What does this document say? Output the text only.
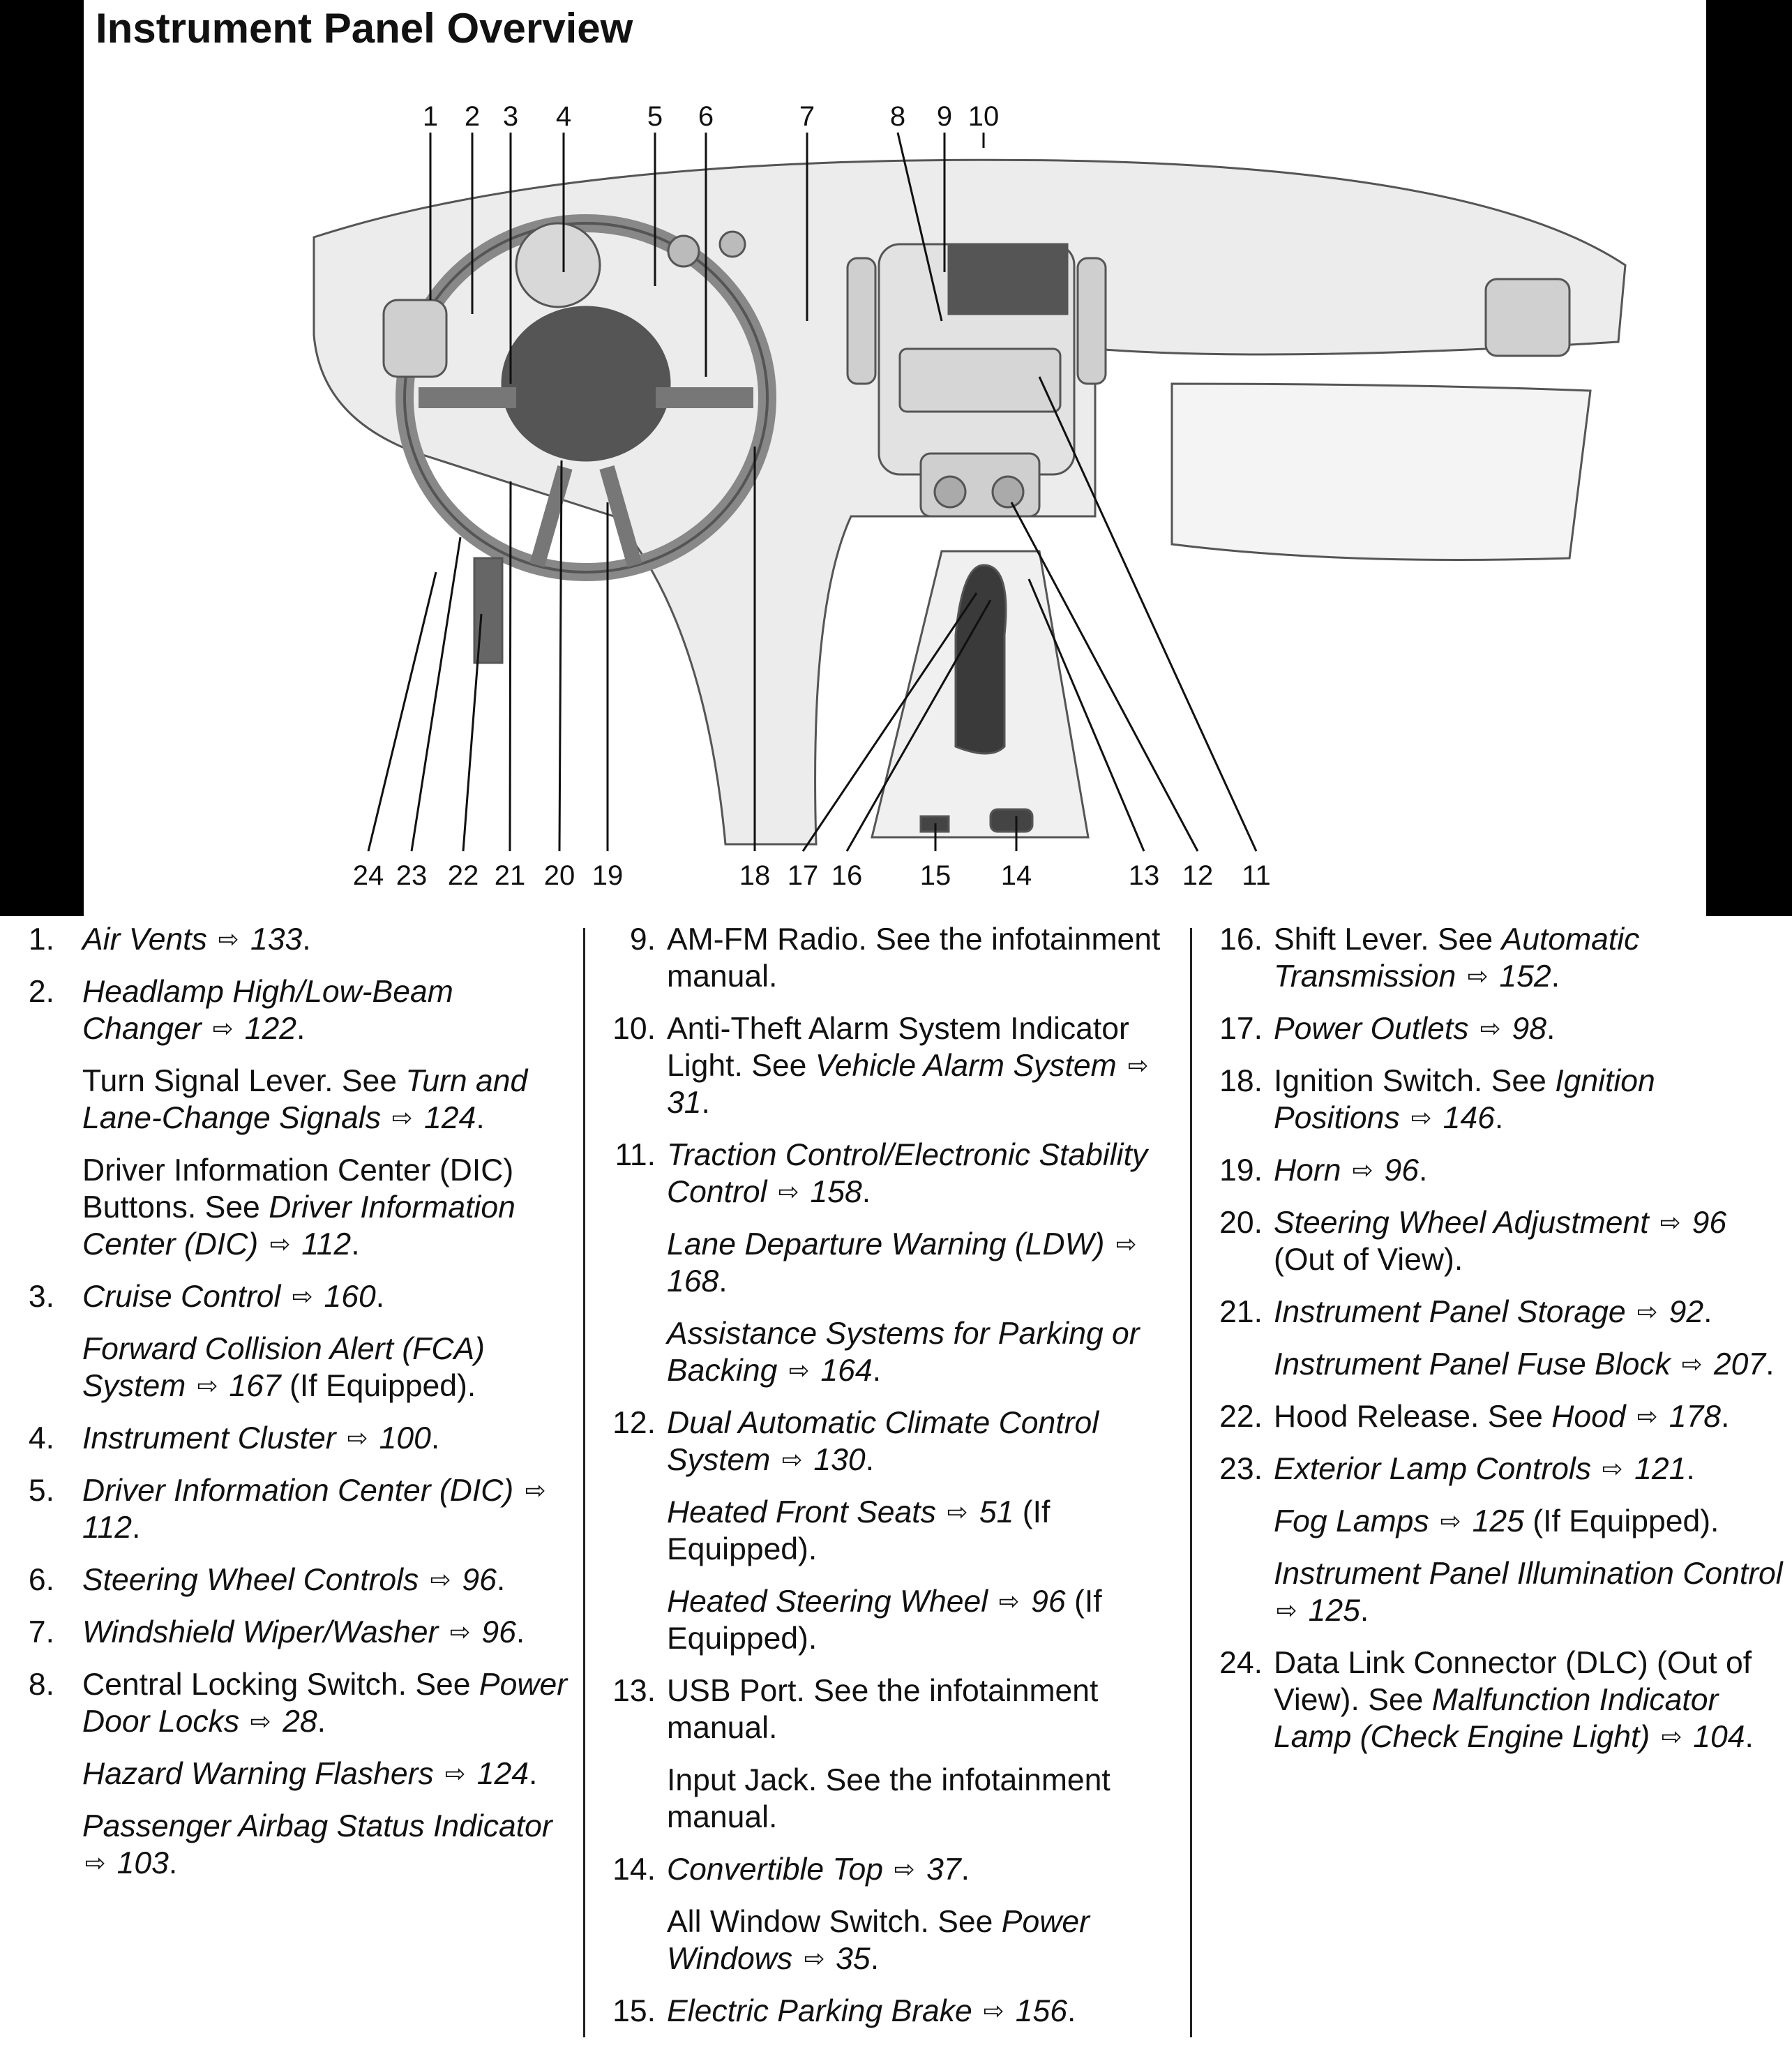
Instrument Panel Overview
1 2 3 4	5 6	7	8 9 10
24 23 22 21 20 19	18 17 16 15 14	13 12 11
1. Air Vents ⇨ 133.
2. Headlamp High/Low-Beam Changer ⇨ 122.
Turn Signal Lever. See Turn and Lane-Change Signals ⇨ 124.
Driver Information Center (DIC) Buttons. See Driver Information Center (DIC) ⇨ 112.
3. Cruise Control ⇨ 160.
Forward Collision Alert (FCA) System ⇨ 167 (If Equipped).
4. Instrument Cluster ⇨ 100.
5. Driver Information Center (DIC) ⇨ 112.
6. Steering Wheel Controls ⇨ 96.
7. Windshield Wiper/Washer ⇨ 96.
8. Central Locking Switch. See Power Door Locks ⇨ 28.
Hazard Warning Flashers ⇨ 124.
Passenger Airbag Status Indicator ⇨ 103.
9. AM-FM Radio. See the infotainment manual.
10. Anti-Theft Alarm System Indicator Light. See Vehicle Alarm System ⇨ 31.
11. Traction Control/Electronic Stability Control ⇨ 158.
Lane Departure Warning (LDW) ⇨ 168.
Assistance Systems for Parking or Backing ⇨ 164.
12. Dual Automatic Climate Control System ⇨ 130.
Heated Front Seats ⇨ 51 (If Equipped).
Heated Steering Wheel ⇨ 96 (If Equipped).
13. USB Port. See the infotainment manual.
Input Jack. See the infotainment manual.
14. Convertible Top ⇨ 37.
All Window Switch. See Power Windows ⇨ 35.
15. Electric Parking Brake ⇨ 156.
16. Shift Lever. See Automatic Transmission ⇨ 152.
17. Power Outlets ⇨ 98.
18. Ignition Switch. See Ignition Positions ⇨ 146.
19. Horn ⇨ 96.
20. Steering Wheel Adjustment ⇨ 96 (Out of View).
21. Instrument Panel Storage ⇨ 92.
Instrument Panel Fuse Block ⇨ 207.
22. Hood Release. See Hood ⇨ 178.
23. Exterior Lamp Controls ⇨ 121.
Fog Lamps ⇨ 125 (If Equipped).
Instrument Panel Illumination Control ⇨ 125.
24. Data Link Connector (DLC) (Out of View). See Malfunction Indicator Lamp (Check Engine Light) ⇨ 104.
